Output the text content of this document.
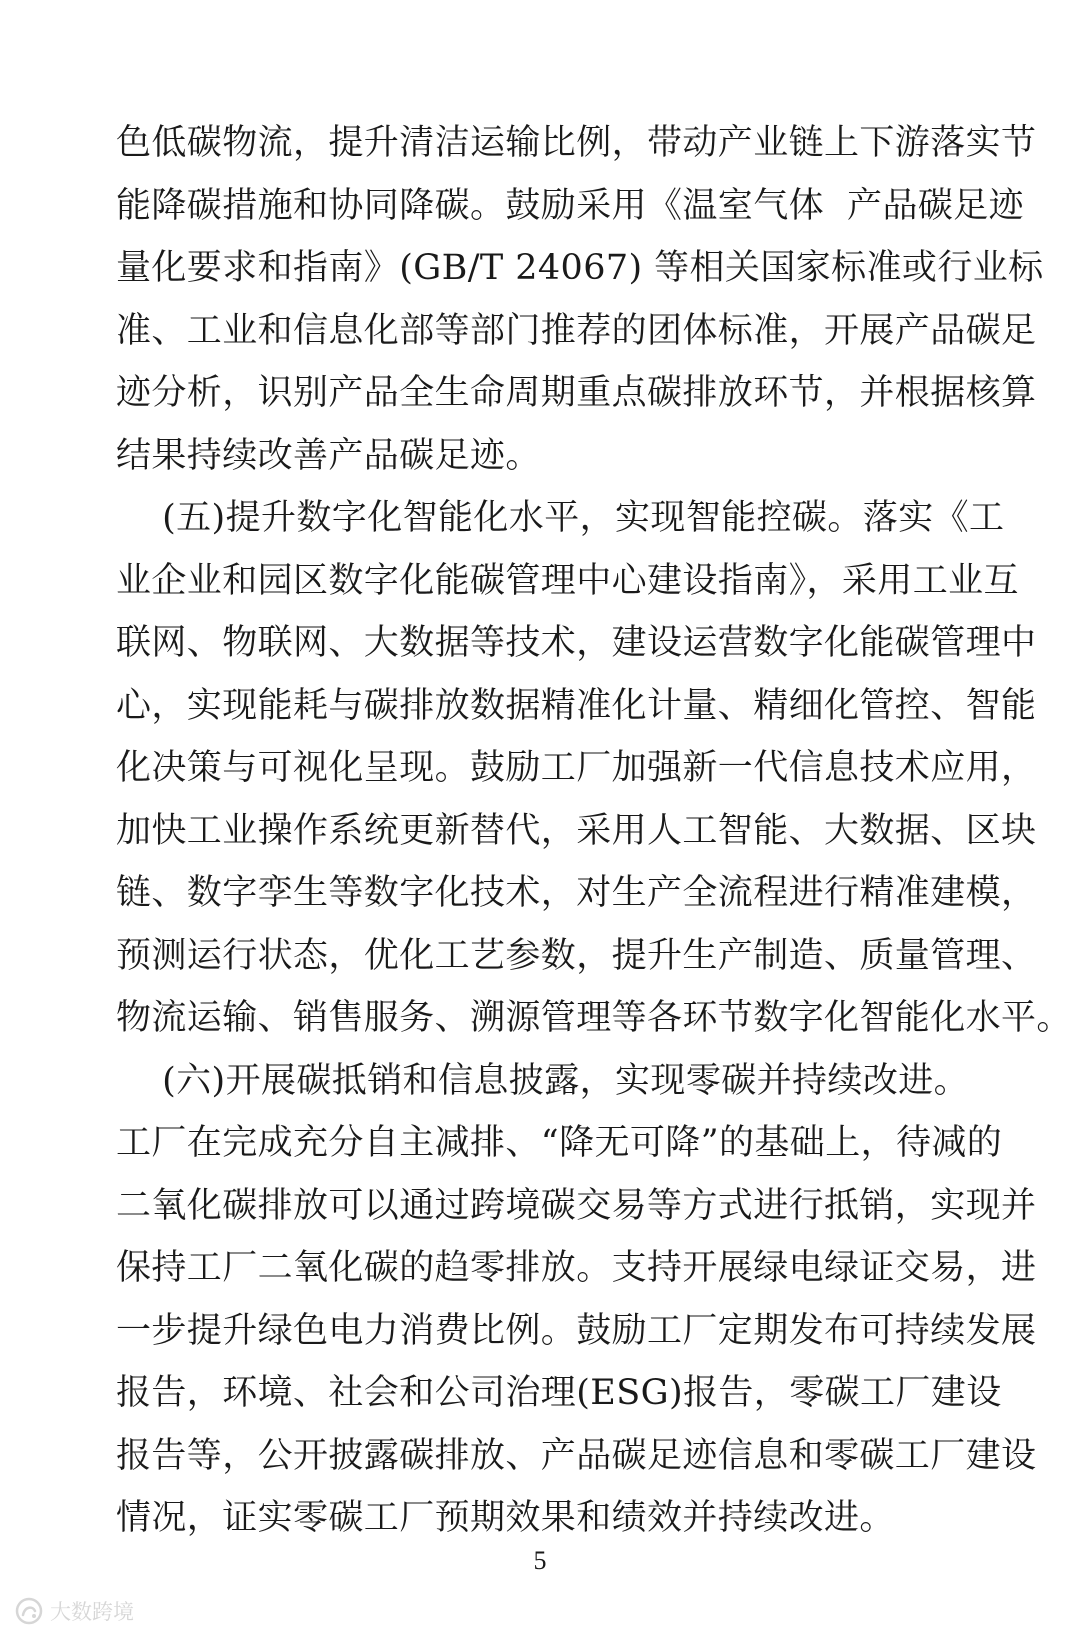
色低碳物流，提升清洁运输比例，带动产业链上下游落实节
能降碳措施和协同降碳。鼓励采用《温室气体  产品碳足迹
量化要求和指南》(GB/T 24067) 等相关国家标准或行业标
准、工业和信息化部等部门推荐的团体标准，开展产品碳足
迹分析，识别产品全生命周期重点碳排放环节，并根据核算
结果持续改善产品碳足迹。
(五)提升数字化智能化水平，实现智能控碳。落实《工
业企业和园区数字化能碳管理中心建设指南》，采用工业互
联网、物联网、大数据等技术，建设运营数字化能碳管理中
心，实现能耗与碳排放数据精准化计量、精细化管控、智能
化决策与可视化呈现。鼓励工厂加强新一代信息技术应用，
加快工业操作系统更新替代，采用人工智能、大数据、区块
链、数字孪生等数字化技术，对生产全流程进行精准建模，
预测运行状态，优化工艺参数，提升生产制造、质量管理、
物流运输、销售服务、溯源管理等各环节数字化智能化水平。
(六)开展碳抵销和信息披露，实现零碳并持续改进。
工厂在完成充分自主减排、“降无可降”的基础上，待减的
二氧化碳排放可以通过跨境碳交易等方式进行抵销，实现并
保持工厂二氧化碳的趋零排放。支持开展绿电绿证交易，进
一步提升绿色电力消费比例。鼓励工厂定期发布可持续发展
报告，环境、社会和公司治理(ESG)报告，零碳工厂建设
报告等，公开披露碳排放、产品碳足迹信息和零碳工厂建设
情况，证实零碳工厂预期效果和绩效并持续改进。
5
大数跨境
